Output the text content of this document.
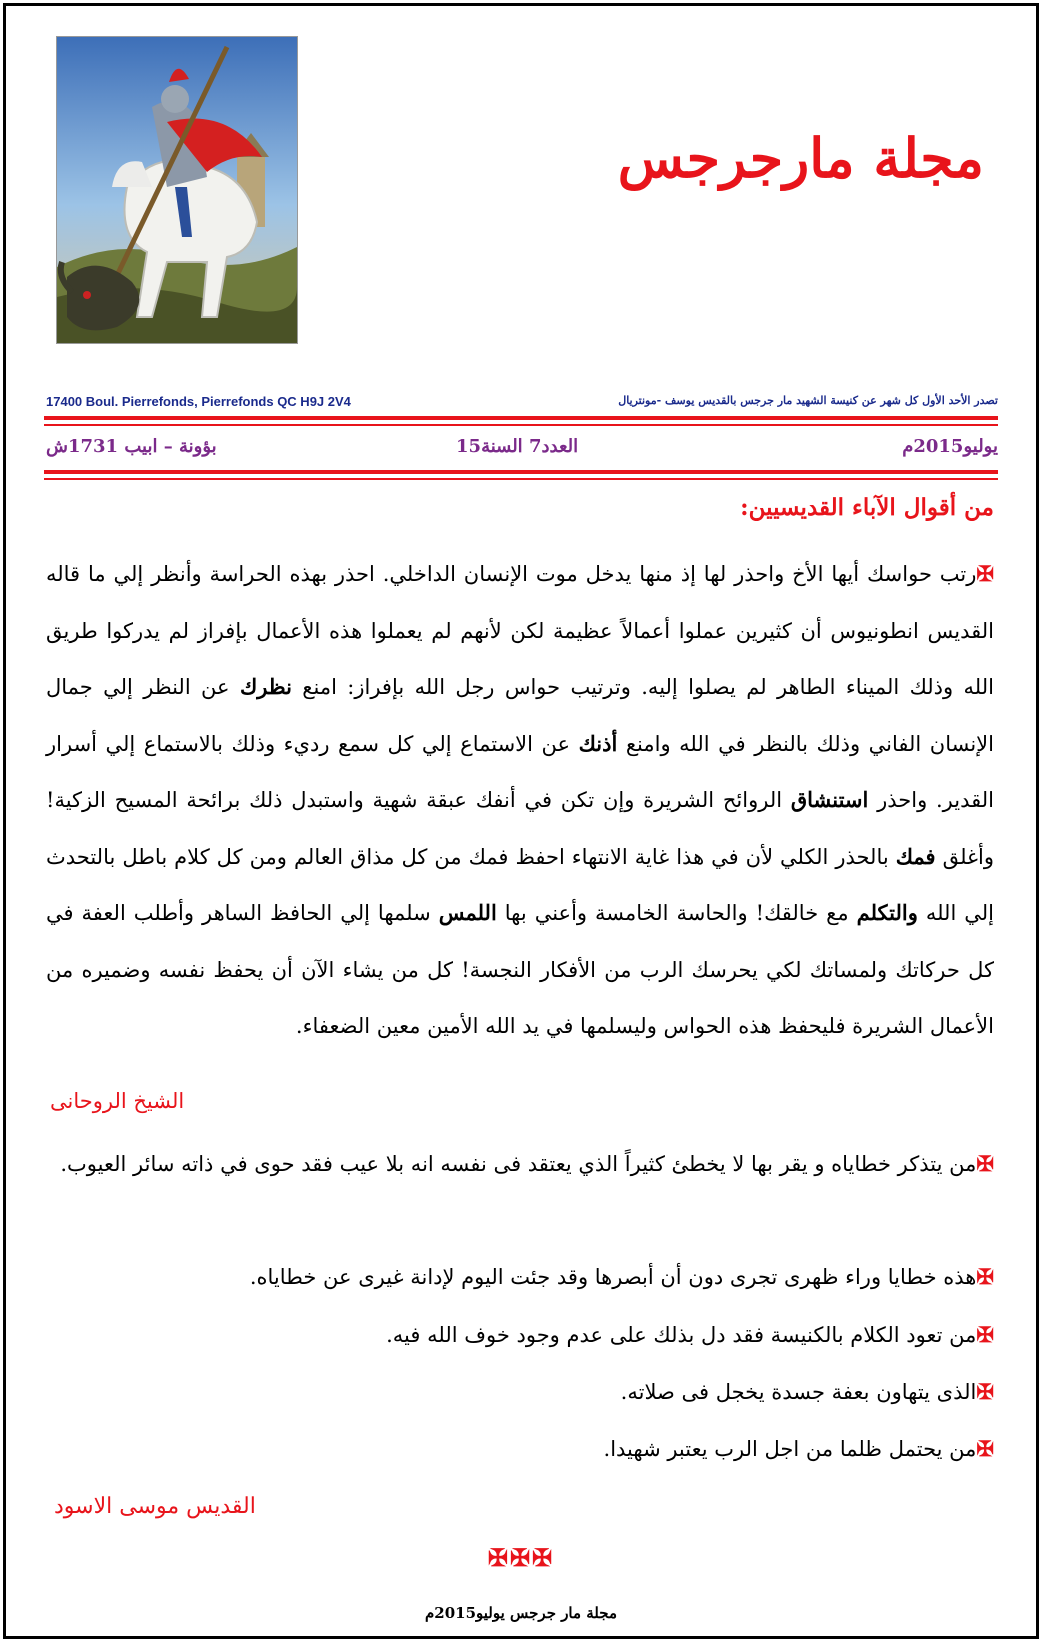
مجلة مارجرجس
17400 Boul. Pierrefonds, Pierrefonds QC H9J 2V4	تصدر الأحد الأول كل شهر عن كنيسة الشهيد مار جرجس بالقديس يوسف -مونتريال
بؤونة – ابيب 1731ش	العدد7 السنة15	يوليو2015م
من أقوال الآباء القديسيين:

✠رتب حواسك أيها الأخ واحذر لها إذ منها يدخل موت الإنسان الداخلي. احذر بهذه الحراسة وأنظر إلي ما قاله القديس انطونيوس أن كثيرين عملوا أعمالاً عظيمة لكن لأنهم لم يعملوا هذه الأعمال بإفراز لم يدركوا طريق الله وذلك الميناء الطاهر لم يصلوا إليه. وترتيب حواس رجل الله بإفراز: امنع نظرك عن النظر إلي جمال الإنسان الفاني وذلك بالنظر في الله وامنع أذنك عن الاستماع إلي كل سمع رديء وذلك بالاستماع إلي أسرار القدير. واحذر استنشاق الروائح الشريرة وإن تكن في أنفك عبقة شهية واستبدل ذلك برائحة المسيح الزكية! وأغلق فمك بالحذر الكلي لأن في هذا غاية الانتهاء احفظ فمك من كل مذاق العالم ومن كل كلام باطل بالتحدث إلي الله والتكلم مع خالقك! والحاسة الخامسة وأعني بها اللمس سلمها إلي الحافظ الساهر وأطلب العفة في كل حركاتك ولمساتك لكي يحرسك الرب من الأفكار النجسة! كل من يشاء الآن أن يحفظ نفسه وضميره من الأعمال الشريرة فليحفظ هذه الحواس وليسلمها في يد الله الأمين معين الضعفاء.

الشيخ الروحانى

✠من يتذكر خطاياه و يقر بها لا يخطئ كثيراً الذي يعتقد فى نفسه انه بلا عيب فقد حوى في ذاته سائر العيوب.

✠هذه خطايا وراء ظهرى تجرى دون أن أبصرها وقد جئت اليوم لإدانة غيرى عن خطاياه.
✠من تعود الكلام بالكنيسة فقد دل بذلك على عدم وجود خوف الله فيه.
✠الذى يتهاون بعفة جسدة يخجل فى صلاته.
✠من يحتمل ظلما من اجل الرب يعتبر شهيدا.
القديس موسى الاسود
✠✠✠
مجلة مار جرجس يوليو2015م
